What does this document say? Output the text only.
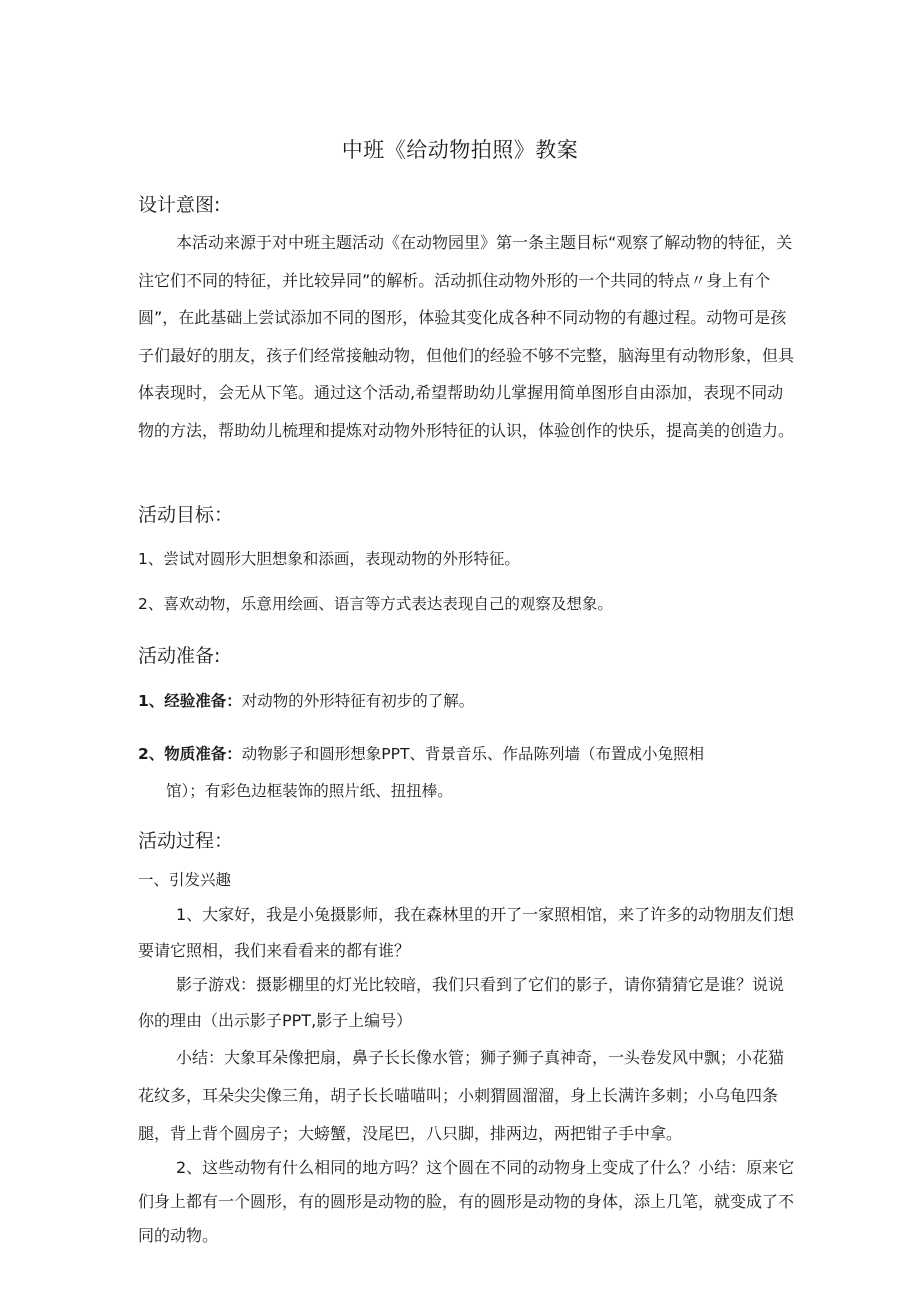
中班《给动物拍照》教案
设计意图:

本活动来源于对中班主题活动《在动物园里》第一条主题目标“观察了解动物的特征，关注它们不同的特征，并比较异同”的解析。活动抓住动物外形的一个共同的特点〃身上有个圆”，在此基础上尝试添加不同的图形，体验其变化成各种不同动物的有趣过程。动物可是孩子们最好的朋友，孩子们经常接触动物，但他们的经验不够不完整，脑海里有动物形象，但具体表现时，会无从下笔。通过这个活动,希望帮助幼儿掌握用简单图形自由添加，表现不同动物的方法，帮助幼儿梳理和提炼对动物外形特征的认识，体验创作的快乐，提高美的创造力。

活动目标：
1、尝试对圆形大胆想象和添画，表现动物的外形特征。
2、喜欢动物，乐意用绘画、语言等方式表达表现自己的观察及想象。
活动准备:
1、经验准备：对动物的外形特征有初步的了解。
2、物质准备：动物影子和圆形想象PPT、背景音乐、作品陈列墙（布置成小兔照相
馆）；有彩色边框装饰的照片纸、扭扭棒。
活动过程：
一、引发兴趣

1、大家好，我是小兔摄影师，我在森林里的开了一家照相馆，来了许多的动物朋友们想要请它照相，我们来看看来的都有谁？

影子游戏：摄影棚里的灯光比较暗，我们只看到了它们的影子，请你猜猜它是谁？说说你的理由（出示影子PPT,影子上编号）

小结：大象耳朵像把扇，鼻子长长像水管；狮子狮子真神奇，一头卷发风中飘；小花猫花纹多，耳朵尖尖像三角，胡子长长喵喵叫；小刺猬圆溜溜，身上长满许多刺；小乌龟四条腿，背上背个圆房子；大螃蟹，没尾巴，八只脚，排两边，两把钳子手中拿。

2、这些动物有什么相同的地方吗？这个圆在不同的动物身上变成了什么？小结：原来它们身上都有一个圆形，有的圆形是动物的脸，有的圆形是动物的身体，添上几笔，就变成了不同的动物。
